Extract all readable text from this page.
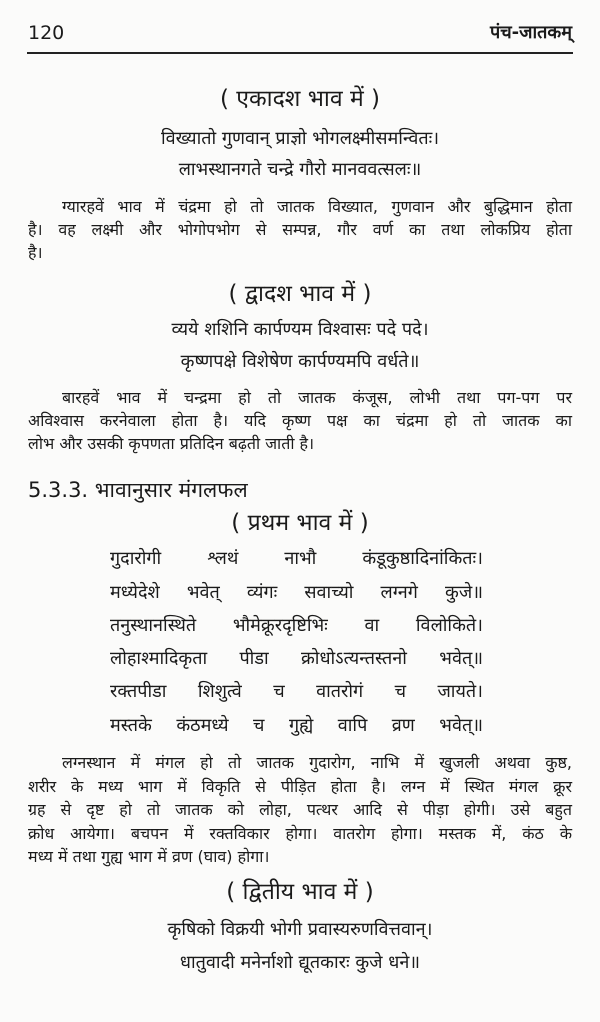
120	पंच-जातकम्
( एकादश भाव में )
विख्यातो गुणवान् प्राज्ञो भोगलक्ष्मीसमन्वितः।
लाभस्थानगते चन्द्रे गौरो मानववत्सलः॥
ग्यारहवें भाव में चंद्रमा हो तो जातक विख्यात, गुणवान और बुद्धिमान होता
है। वह लक्ष्मी और भोगोपभोग से सम्पन्न, गौर वर्ण का तथा लोकप्रिय होता
है।
( द्वादश भाव में )
व्यये शशिनि कार्पण्यम विश्वासः पदे पदे।
कृष्णपक्षे विशेषेण कार्पण्यमपि वर्धते॥
बारहवें भाव में चन्द्रमा हो तो जातक कंजूस, लोभी तथा पग-पग पर
अविश्वास करनेवाला होता है। यदि कृष्ण पक्ष का चंद्रमा हो तो जातक का
लोभ और उसकी कृपणता प्रतिदिन बढ़ती जाती है।
5.3.3. भावानुसार मंगलफल
( प्रथम भाव में )
गुदारोगी श्लथं नाभौ कंडूकुष्ठादिनांकितः।
मध्येदेशे भवेत् व्यंगः सवाच्यो लग्नगे कुजे॥
तनुस्थानस्थिते भौमेक्रूरदृष्टिभिः वा विलोकिते।
लोहाश्मादिकृता पीडा क्रोधोऽत्यन्तस्तनो भवेत्॥
रक्तपीडा शिशुत्वे च वातरोगं च जायते।
मस्तके कंठमध्ये च गुह्ये वापि व्रण भवेत्॥
लग्नस्थान में मंगल हो तो जातक गुदारोग, नाभि में खुजली अथवा कुष्ठ,
शरीर के मध्य भाग में विकृति से पीड़ित होता है। लग्न में स्थित मंगल क्रूर
ग्रह से दृष्ट हो तो जातक को लोहा, पत्थर आदि से पीड़ा होगी। उसे बहुत
क्रोध आयेगा। बचपन में रक्तविकार होगा। वातरोग होगा। मस्तक में, कंठ के
मध्य में तथा गुह्य भाग में व्रण (घाव) होगा।
( द्वितीय भाव में )
कृषिको विक्रयी भोगी प्रवास्यरुणवित्तवान्।
धातुवादी मनेर्नाशो द्यूतकारः कुजे धने॥
